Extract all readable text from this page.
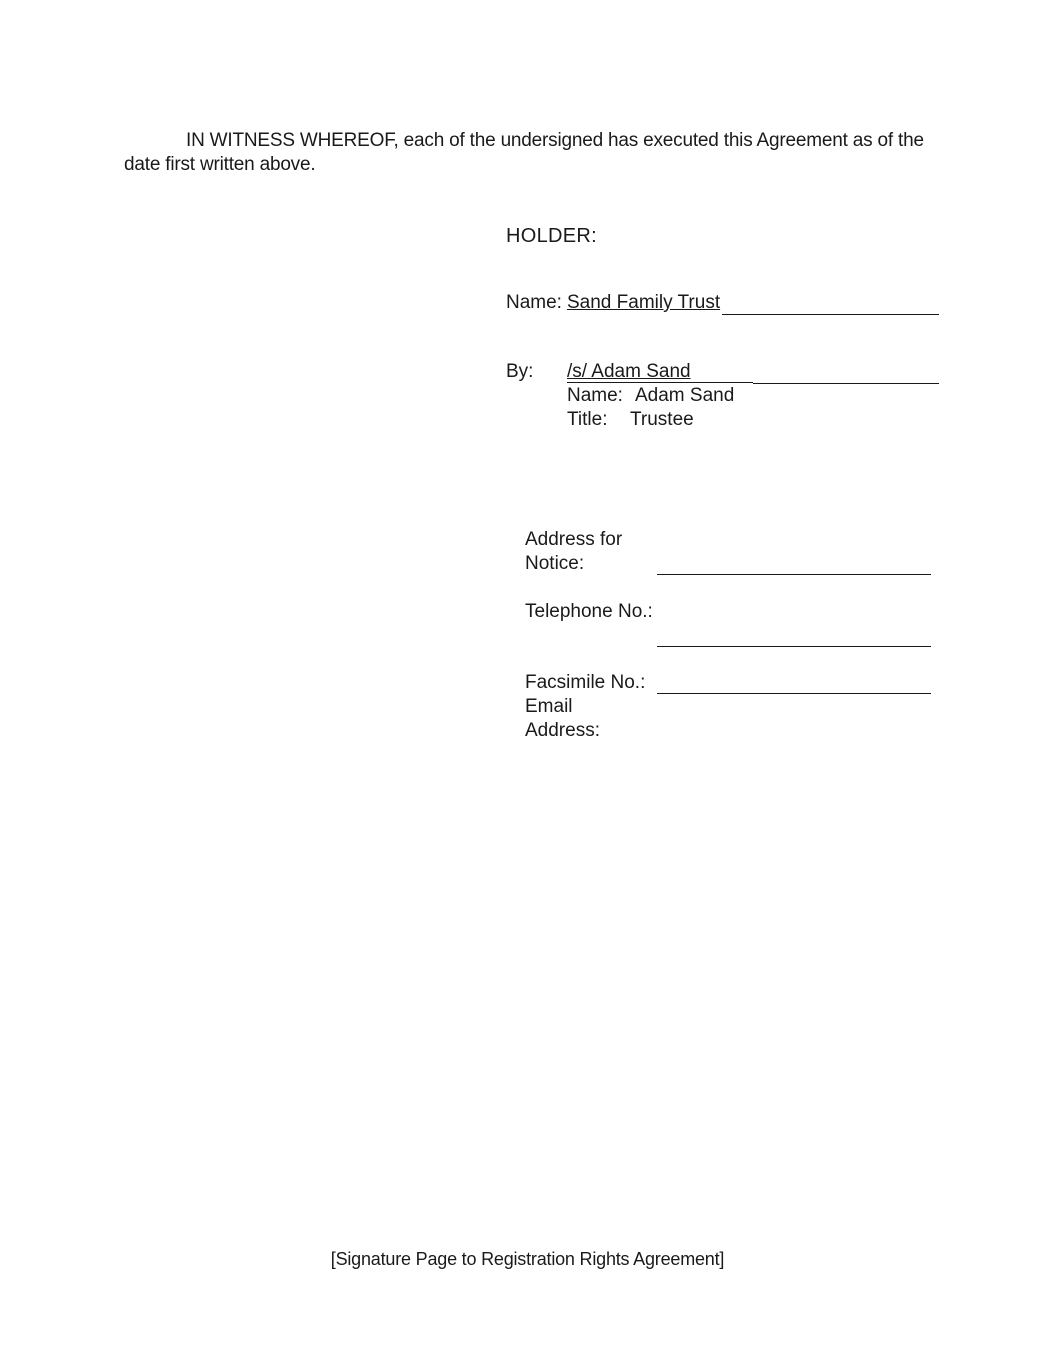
IN WITNESS WHEREOF, each of the undersigned has executed this Agreement as of the date first written above.
HOLDER:
Name: Sand Family Trust
By: /s/ Adam Sand
Name: Adam Sand
Title: Trustee
Address for Notice:
Telephone No.:
Facsimile No.:
Email Address:
[Signature Page to Registration Rights Agreement]
